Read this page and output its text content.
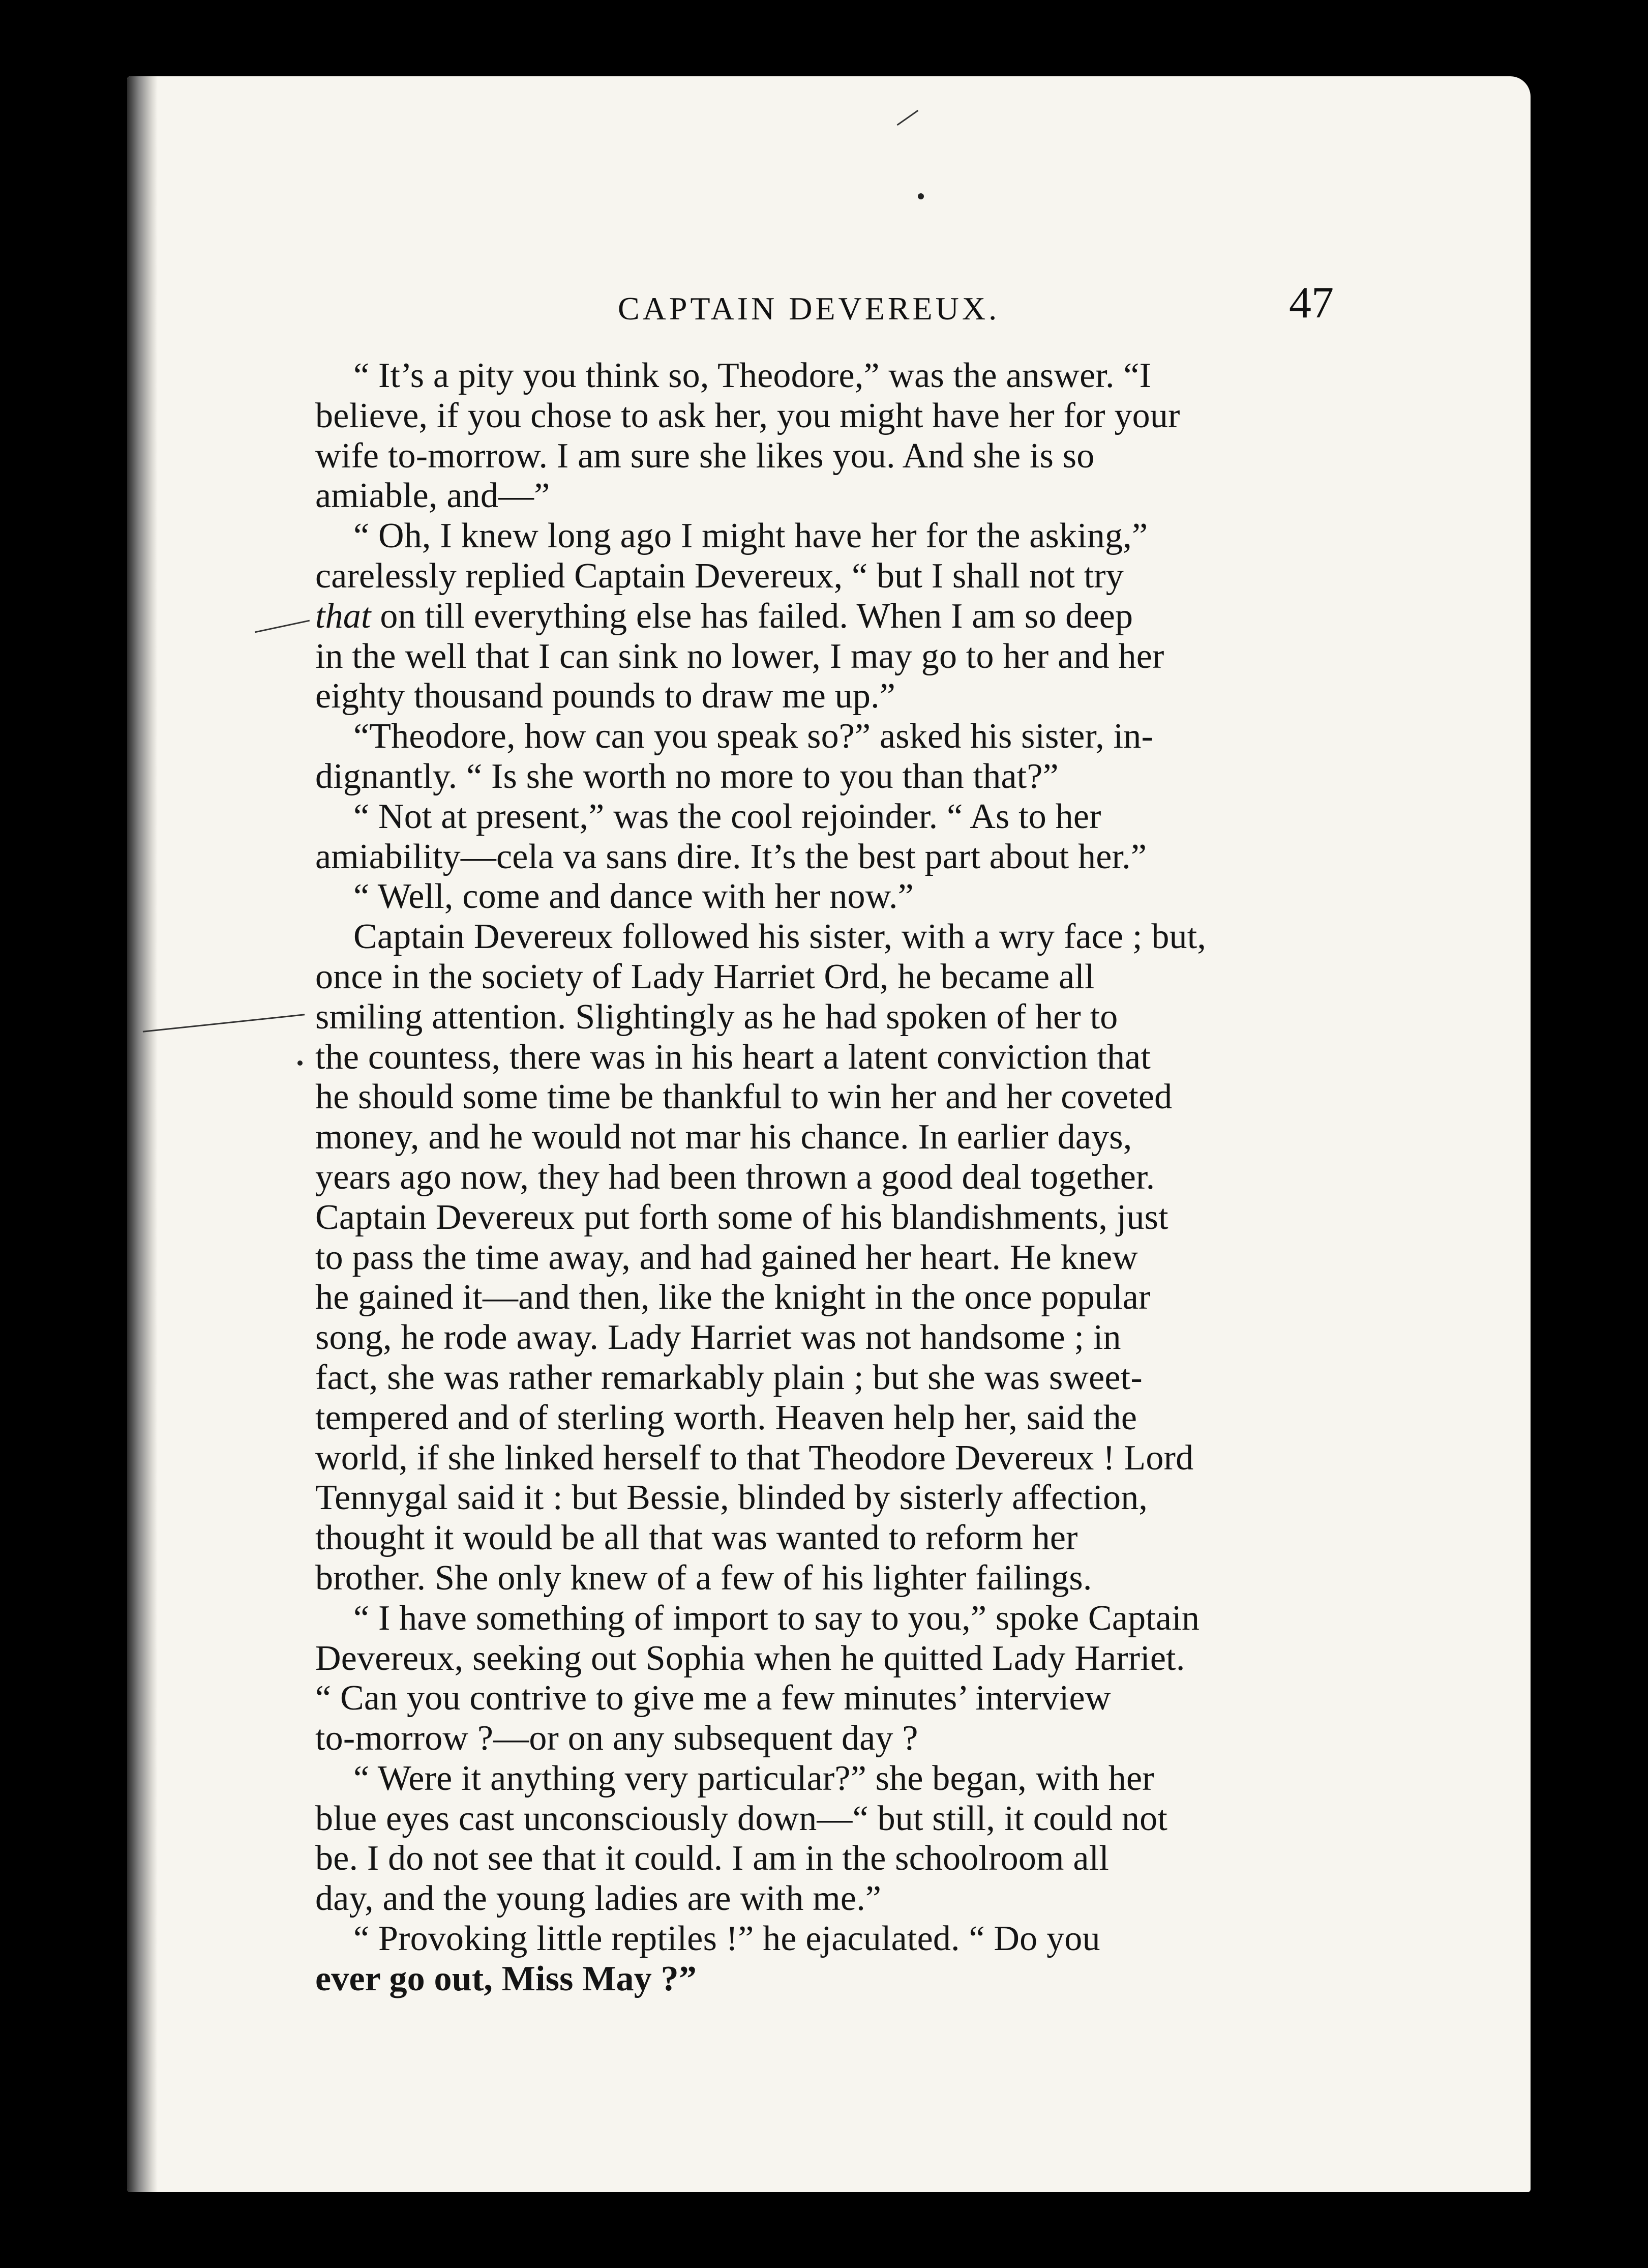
CAPTAIN DEVEREUX.	47
“ It’s a pity you think so, Theodore,” was the answer. “I
believe, if you chose to ask her, you might have her for your
wife to-morrow. I am sure she likes you. And she is so
amiable, and—”
“ Oh, I knew long ago I might have her for the asking,”
carelessly replied Captain Devereux, “ but I shall not try
that on till everything else has failed. When I am so deep
in the well that I can sink no lower, I may go to her and her
eighty thousand pounds to draw me up.”
“Theodore, how can you speak so?” asked his sister, in-
dignantly. “ Is she worth no more to you than that?”
“ Not at present,” was the cool rejoinder. “ As to her
amiability—cela va sans dire. It’s the best part about her.”
“ Well, come and dance with her now.”
Captain Devereux followed his sister, with a wry face ; but,
once in the society of Lady Harriet Ord, he became all
smiling attention. Slightingly as he had spoken of her to
the countess, there was in his heart a latent conviction that
he should some time be thankful to win her and her coveted
money, and he would not mar his chance. In earlier days,
years ago now, they had been thrown a good deal together.
Captain Devereux put forth some of his blandishments, just
to pass the time away, and had gained her heart. He knew
he gained it—and then, like the knight in the once popular
song, he rode away. Lady Harriet was not handsome ; in
fact, she was rather remarkably plain ; but she was sweet-
tempered and of sterling worth. Heaven help her, said the
world, if she linked herself to that Theodore Devereux ! Lord
Tennygal said it : but Bessie, blinded by sisterly affection,
thought it would be all that was wanted to reform her
brother. She only knew of a few of his lighter failings.
“ I have something of import to say to you,” spoke Captain
Devereux, seeking out Sophia when he quitted Lady Harriet.
“ Can you contrive to give me a few minutes’ interview
to-morrow ?—or on any subsequent day ?
“ Were it anything very particular?” she began, with her
blue eyes cast unconsciously down—“ but still, it could not
be. I do not see that it could. I am in the schoolroom all
day, and the young ladies are with me.”
“ Provoking little reptiles !” he ejaculated. “ Do you
ever go out, Miss May ?”
